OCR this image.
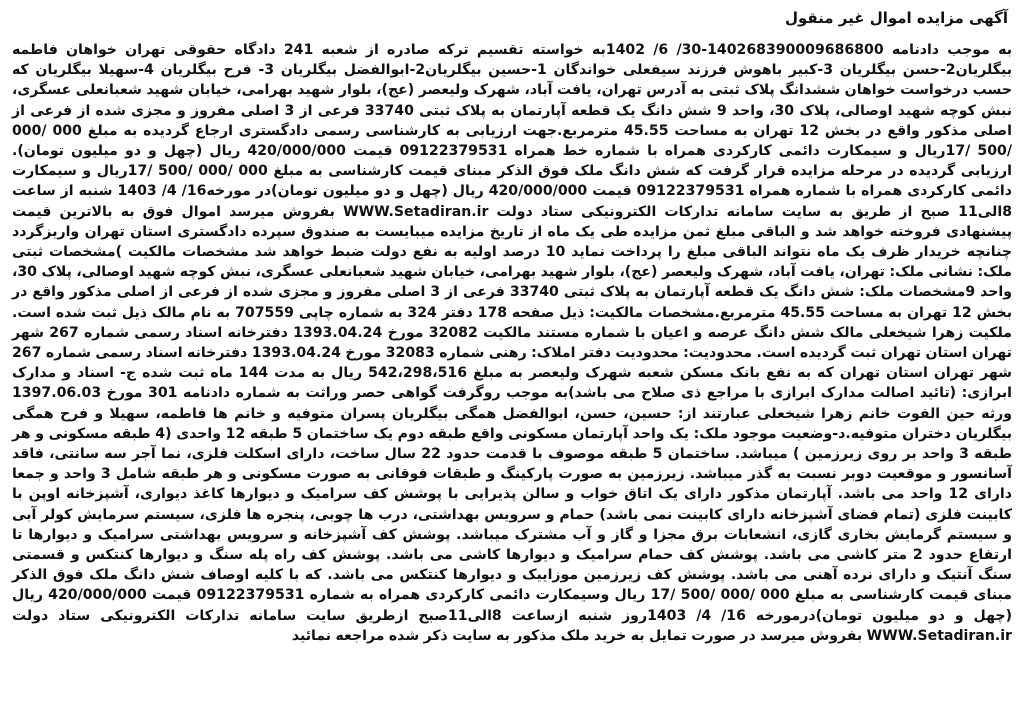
آگهی مزایده اموال غیر منقول
به موجب دادنامه 140268390009686800-30/ 6/ 1402به خواسته تقسیم ترکه صادره از شعبه 241 دادگاه حقوقی تهران خواهان فاطمه بیگلریان2-حسن بیگلریان 3-کبیر باهوش فرزند سیفعلی خواندگان 1-حسین بیگلریان2-ابوالفضل بیگلریان 3- فرح بیگلریان 4-سهیلا بیگلریان که حسب درخواست خواهان ششدانگ پلاک ثبتی به آدرس تهران، یافت آباد، شهرک ولیعصر (عج)، بلوار شهید بهرامی، خیابان شهید شعبانعلی عسگری، نبش کوچه شهید اوصالی، پلاک 30، واحد 9 شش دانگ یک قطعه آپارتمان به پلاک ثبتی 33740 فرعی از 3 اصلی مفروز و مجزی شده از فرعی از اصلی مذکور واقع در بخش 12 تهران به مساحت 45.55 مترمربع.جهت ارزیابی به کارشناسی رسمی دادگستری ارجاع گردیده به مبلغ 000 /000 /500 /17ریال و سیمکارت دائمی کارکردی همراه با شماره خط همراه 09122379531 قیمت 420/000/000 ریال (چهل و دو میلیون تومان). ارزیابی گردیده در مرحله مزایده قرار گرفت که شش دانگ ملک فوق الذکر مبنای قیمت کارشناسی به مبلغ 000 /000 /500 /17ریال و سیمکارت دائمی کارکردی همراه با شماره همراه 09122379531 قیمت 420/000/000 ریال (چهل و دو میلیون تومان)در مورخه16/ 4/ 1403 شنبه از ساعت 8الی11 صبح از طریق به سایت سامانه تدارکات الکترونیکی ستاد دولت WWW.Setadiran.ir بفروش میرسد اموال فوق به بالاترین قیمت پیشنهادی فروخته خواهد شد و الباقی مبلغ ثمن مزایده طی یک ماه از تاریخ مزایده میبایست به صندوق سپرده دادگستری استان تهران واریزگردد چنانچه خریدار ظرف یک ماه نتواند الباقی مبلغ را پرداخت نماید 10 درصد اولیه به نفع دولت ضبط خواهد شد مشخصات مالکیت )مشخصات ثبتی ملک: نشانی ملک: تهران، یافت آباد، شهرک ولیعصر (عج)، بلوار شهید بهرامی، خیابان شهید شعبانعلی عسگری، نبش کوچه شهید اوصالی، پلاک 30، واحد 9مشخصات ملک: شش دانگ یک قطعه آپارتمان به پلاک ثبتی 33740 فرعی از 3 اصلی مفروز و مجزی شده از فرعی از اصلی مذکور واقع در بخش 12 تهران به مساحت 45.55 مترمربع.مشخصات مالکیت: ذیل صفحه 178 دفتر 324 به شماره چاپی 707559 به نام مالک ذیل ثبت شده است. ملکیت زهرا شیخعلی مالک شش دانگ عرصه و اعیان با شماره مستند مالکیت 32082 مورخ 1393.04.24 دفترخانه اسناد رسمی شماره 267 شهر تهران استان تهران ثبت گردیده است. محدودیت: محدودیت دفتر املاک: رهنی شماره 32083 مورخ 1393.04.24 دفترخانه اسناد رسمی شماره 267 شهر تهران استان تهران که به نفع بانک مسکن شعبه شهرک ولیعصر به مبلغ 542،298،516 ریال به مدت 144 ماه ثبت شده ج- اسناد و مدارک ابرازی: (تائید اصالت مدارک ابرازی با مراجع ذی صلاح می باشد)به موجب روگرفت گواهی حصر وراثت به شماره دادنامه 301 مورخ 1397.06.03 ورثه حین الفوت خانم زهرا شیخعلی عبارتند از: حسین، حسن، ابوالفضل همگی بیگلریان پسران متوفیه و خانم ها فاطمه، سهیلا و فرح همگی بیگلریان دختران متوفیه.د-وضعیت موجود ملک: یک واحد آپارتمان مسکونی واقع طبقه دوم یک ساختمان 5 طبقه 12 واحدی (4 طبقه مسکونی و هر طبقه 3 واحد بر روی زیرزمین ) میباشد. ساختمان 5 طبقه موصوف با قدمت حدود 22 سال ساخت، دارای اسکلت فلزی، نما آجر سه سانتی، فاقد آسانسور و موقعیت دوبر نسبت به گذر میباشد. زیرزمین به صورت پارکینگ و طبقات فوقانی به صورت مسکونی و هر طبقه شامل 3 واحد و جمعا دارای 12 واحد می باشد. آپارتمان مذکور دارای یک اتاق خواب و سالن پذیرایی با پوشش کف سرامیک و دیوارها کاغذ دیواری، آشپزخانه اوپن با کابینت فلزی (تمام فضای آشپزخانه دارای کابینت نمی باشد) حمام و سرویس بهداشتی، درب ها چوبی، پنجره ها فلزی، سیستم سرمایش کولر آبی و سیستم گرمایش بخاری گازی، انشعابات برق مجزا و گاز و آب مشترک میباشد. پوشش کف آشپزخانه و سرویس بهداشتی سرامیک و دیوارها تا ارتفاع حدود 2 متر کاشی می باشد. پوشش کف حمام سرامیک و دیوارها کاشی می باشد. پوشش کف راه پله سنگ و دیوارها کنتکس و قسمتی سنگ آنتیک و دارای نرده آهنی می باشد. پوشش کف زیرزمین موزاییک و دیوارها کنتکس می باشد. که با کلیه اوصاف شش دانگ ملک فوق الذکر مبنای قیمت کارشناسی به مبلغ 000 /000 /500 /17 ریال وسیمکارت دائمی کارکردی همراه به شماره 09122379531 قیمت 420/000/000 ریال (چهل و دو میلیون تومان)درمورخه 16/ 4/ 1403روز شنبه ازساعت 8الی11صبح ازطریق سایت سامانه تدارکات الکترونیکی ستاد دولت WWW.Setadiran.ir بفروش میرسد در صورت تمایل به خرید ملک مذکور به سایت ذکر شده مراجعه نمائید
